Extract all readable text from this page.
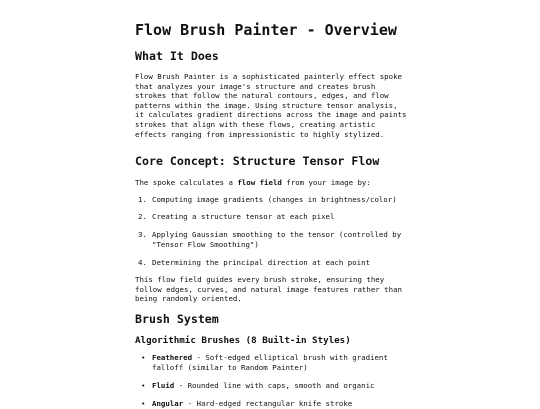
Flow Brush Painter - Overview
What It Does

Flow Brush Painter is a sophisticated painterly effect spoke that analyzes your image's structure and creates brush strokes that follow the natural contours, edges, and flow patterns within the image. Using structure tensor analysis, it calculates gradient directions across the image and paints strokes that align with these flows, creating artistic effects ranging from impressionistic to highly stylized.

Core Concept: Structure Tensor Flow

The spoke calculates a flow field from your image by:

1. Computing image gradients (changes in brightness/color)
2. Creating a structure tensor at each pixel
3. Applying Gaussian smoothing to the tensor (controlled by "Tensor Flow Smoothing")
4. Determining the principal direction at each point

This flow field guides every brush stroke, ensuring they follow edges, curves, and natural image features rather than being randomly oriented.

Brush System
Algorithmic Brushes (8 Built-in Styles)
• Feathered - Soft-edged elliptical brush with gradient falloff (similar to Random Painter)
• Fluid - Rounded line with caps, smooth and organic
• Angular - Hard-edged rectangular knife stroke
